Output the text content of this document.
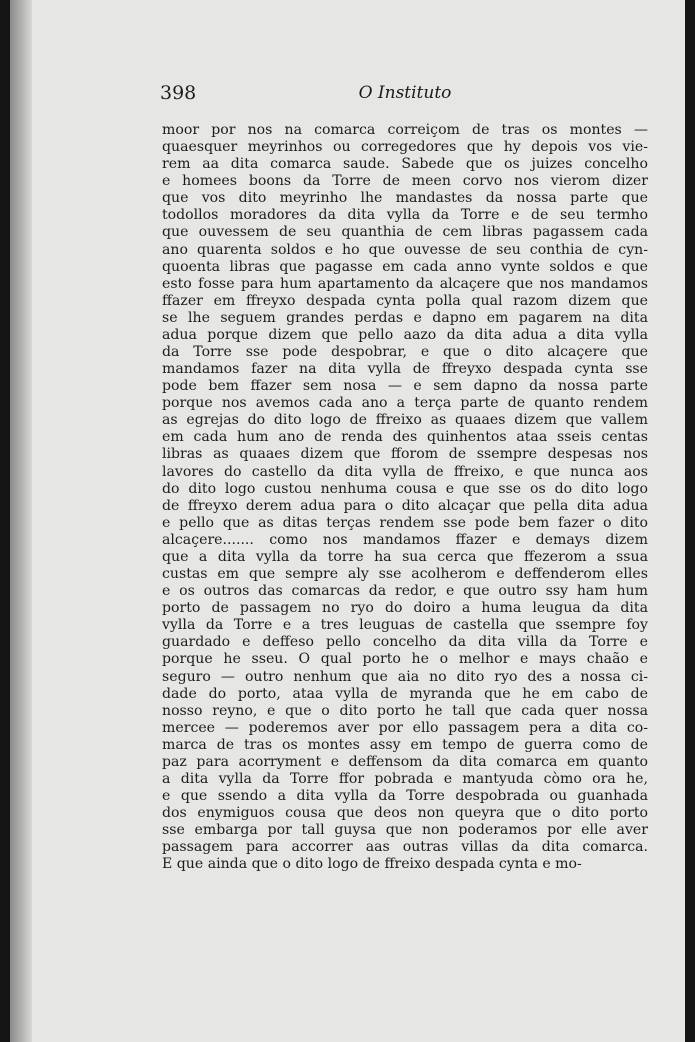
398	O Instituto
moor por nos na comarca correiçom de tras os montes —
quaesquer meyrinhos ou corregedores que hy depois vos vie-
rem aa dita comarca saude. Sabede que os juizes concelho
e homees boons da Torre de meen corvo nos vierom dizer
que vos dito meyrinho lhe mandastes da nossa parte que
todollos moradores da dita vylla da Torre e de seu termho
que ouvessem de seu quanthia de cem libras pagassem cada
ano quarenta soldos e ho que ouvesse de seu conthia de cyn-
quoenta libras que pagasse em cada anno vynte soldos e que
esto fosse para hum apartamento da alcaçere que nos mandamos
ffazer em ffreyxo despada cynta polla qual razom dizem que
se lhe seguem grandes perdas e dapno em pagarem na dita
adua porque dizem que pello aazo da dita adua a dita vylla
da Torre sse pode despobrar, e que o dito alcaçere que
mandamos fazer na dita vylla de ffreyxo despada cynta sse
pode bem ffazer sem nosa — e sem dapno da nossa parte
porque nos avemos cada ano a terça parte de quanto rendem
as egrejas do dito logo de ffreixo as quaaes dizem que vallem
em cada hum ano de renda des quinhentos ataa sseis centas
libras as quaaes dizem que fforom de ssempre despesas nos
lavores do castello da dita vylla de ffreixo, e que nunca aos
do dito logo custou nenhuma cousa e que sse os do dito logo
de ffreyxo derem adua para o dito alcaçar que pella dita adua
e pello que as ditas terças rendem sse pode bem fazer o dito
alcaçere....... como nos mandamos ffazer e demays dizem
que a dita vylla da torre ha sua cerca que ffezerom a ssua
custas em que sempre aly sse acolherom e deffenderom elles
e os outros das comarcas da redor, e que outro ssy ham hum
porto de passagem no ryo do doiro a huma leugua da dita
vylla da Torre e a tres leuguas de castella que ssempre foy
guardado e deffeso pello concelho da dita villa da Torre e
porque he sseu. O qual porto he o melhor e mays chaão e
seguro — outro nenhum que aia no dito ryo des a nossa ci-
dade do porto, ataa vylla de myranda que he em cabo de
nosso reyno, e que o dito porto he tall que cada quer nossa
mercee — poderemos aver por ello passagem pera a dita co-
marca de tras os montes assy em tempo de guerra como de
paz para acorryment e deffensom da dita comarca em quanto
a dita vylla da Torre ffor pobrada e mantyuda còmo ora he,
e que ssendo a dita vylla da Torre despobrada ou guanhada
dos enymiguos cousa que deos non queyra que o dito porto
sse embarga por tall guysa que non poderamos por elle aver
passagem para accorrer aas outras villas da dita comarca.
E que ainda que o dito logo de ffreixo despada cynta e mo-
